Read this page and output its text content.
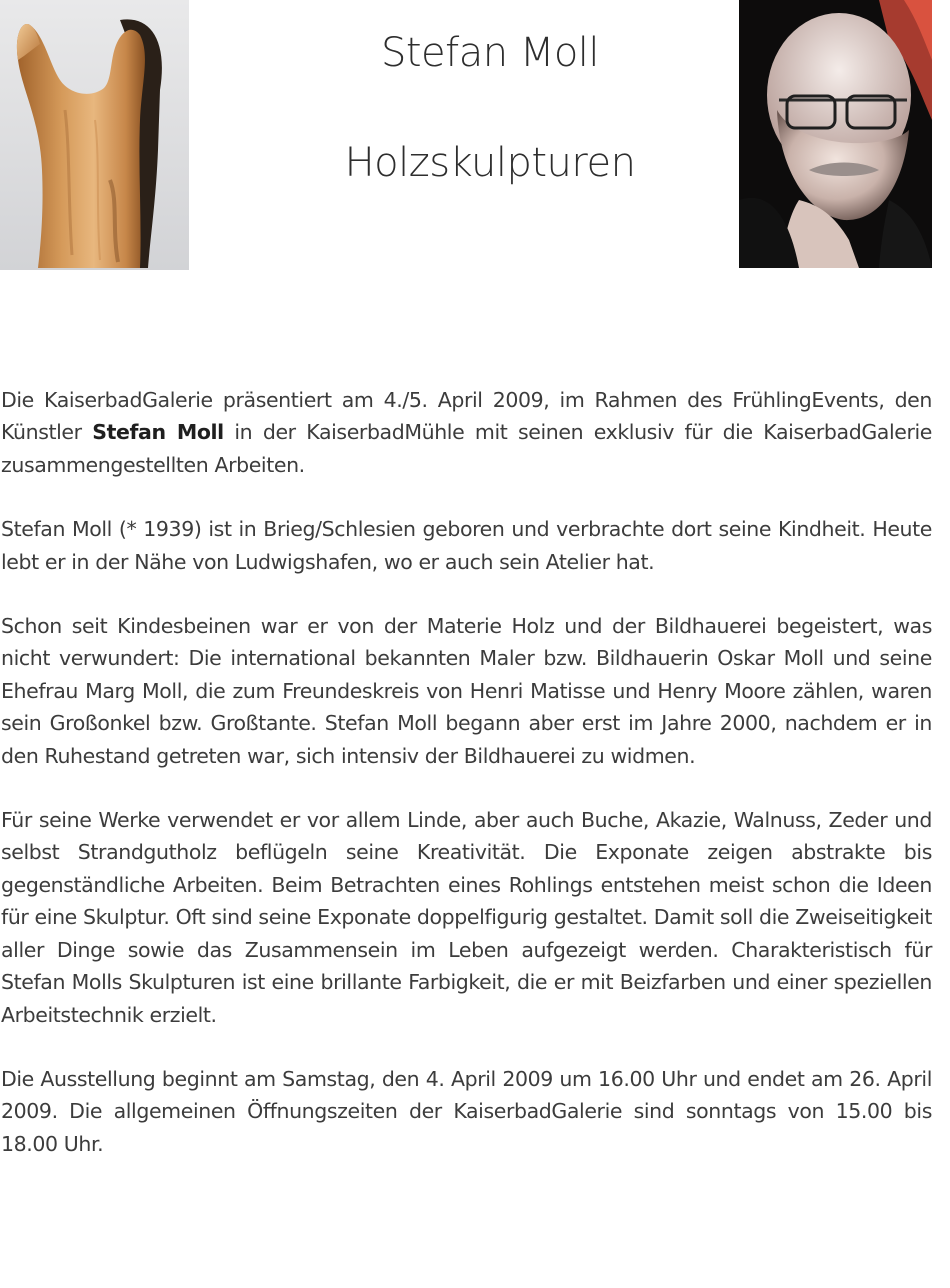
Stefan Moll
Holzskulpturen

Die KaiserbadGalerie präsentiert am 4./5. April 2009, im Rahmen des FrühlingEvents, den Künstler Stefan Moll in der KaiserbadMühle mit seinen exklusiv für die KaiserbadGalerie zusammengestellten Arbeiten.

Stefan Moll (* 1939) ist in Brieg/Schlesien geboren und verbrachte dort seine Kindheit. Heute lebt er in der Nähe von Ludwigshafen, wo er auch sein Atelier hat.

Schon seit Kindesbeinen war er von der Materie Holz und der Bildhauerei begeistert, was nicht verwundert: Die international bekannten Maler bzw. Bildhauerin Oskar Moll und seine Ehefrau Marg Moll, die zum Freundeskreis von Henri Matisse und Henry Moore zählen, waren sein Großonkel bzw. Großtante. Stefan Moll begann aber erst im Jahre 2000, nachdem er in den Ruhestand getreten war, sich intensiv der Bildhauerei zu widmen.

Für seine Werke verwendet er vor allem Linde, aber auch Buche, Akazie, Walnuss, Zeder und selbst Strandgutholz beflügeln seine Kreativität. Die Exponate zeigen abstrakte bis gegenständliche Arbeiten. Beim Betrachten eines Rohlings entstehen meist schon die Ideen für eine Skulptur. Oft sind seine Exponate doppelfigurig gestaltet. Damit soll die Zweiseitigkeit aller Dinge sowie das Zusammensein im Leben aufgezeigt werden. Charakteristisch für Stefan Molls Skulpturen ist eine brillante Farbigkeit, die er mit Beizfarben und einer speziellen Arbeitstechnik erzielt.

Die Ausstellung beginnt am Samstag, den 4. April 2009 um 16.00 Uhr und endet am 26. April 2009. Die allgemeinen Öffnungszeiten der KaiserbadGalerie sind sonntags von 15.00 bis 18.00 Uhr.
